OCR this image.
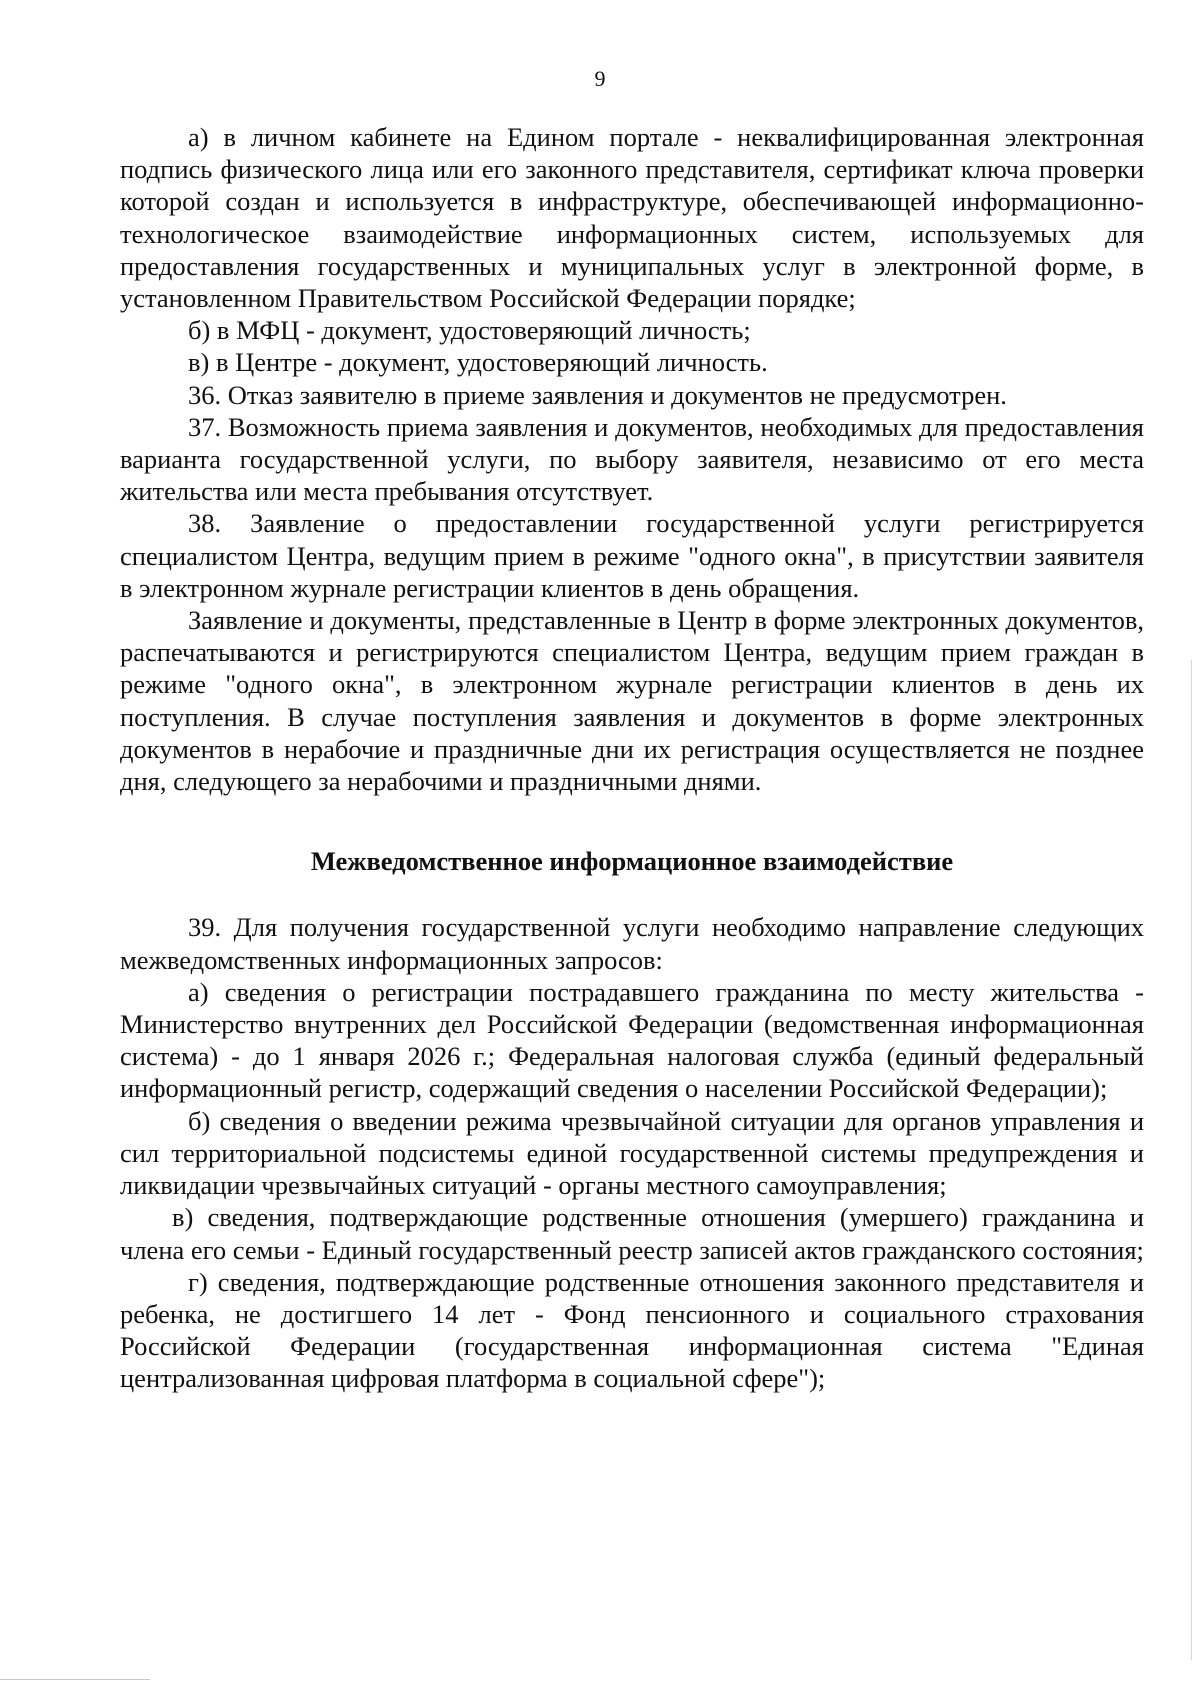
9

а) в личном кабинете на Едином портале - неквалифицированная электронная подпись физического лица или его законного представителя, сертификат ключа проверки которой создан и используется в инфраструктуре, обеспечивающей информационно-технологическое взаимодействие информационных систем, используемых для предоставления государственных и муниципальных услуг в электронной форме, в установленном Правительством Российской Федерации порядке;

б) в МФЦ - документ, удостоверяющий личность;

в) в Центре - документ, удостоверяющий личность.

36. Отказ заявителю в приеме заявления и документов не предусмотрен.

37. Возможность приема заявления и документов, необходимых для предоставления варианта государственной услуги, по выбору заявителя, независимо от его места жительства или места пребывания отсутствует.

38. Заявление о предоставлении государственной услуги регистрируется специалистом Центра, ведущим прием в режиме "одного окна", в присутствии заявителя в электронном журнале регистрации клиентов в день обращения.

Заявление и документы, представленные в Центр в форме электронных документов, распечатываются и регистрируются специалистом Центра, ведущим прием граждан в режиме "одного окна", в электронном журнале регистрации клиентов в день их поступления. В случае поступления заявления и документов в форме электронных документов в нерабочие и праздничные дни их регистрация осуществляется не позднее дня, следующего за нерабочими и праздничными днями.

Межведомственное информационное взаимодействие

39. Для получения государственной услуги необходимо направление следующих межведомственных информационных запросов:

а) сведения о регистрации пострадавшего гражданина по месту жительства - Министерство внутренних дел Российской Федерации (ведомственная информационная система) - до 1 января 2026 г.; Федеральная налоговая служба (единый федеральный информационный регистр, содержащий сведения о населении Российской Федерации);

б) сведения о введении режима чрезвычайной ситуации для органов управления и сил территориальной подсистемы единой государственной системы предупреждения и ликвидации чрезвычайных ситуаций - органы местного самоуправления;

в) сведения, подтверждающие родственные отношения (умершего) гражданина и члена его семьи - Единый государственный реестр записей актов гражданского состояния;

г) сведения, подтверждающие родственные отношения законного представителя и ребенка, не достигшего 14 лет - Фонд пенсионного и социального страхования Российской Федерации (государственная информационная система "Единая централизованная цифровая платформа в социальной сфере");
